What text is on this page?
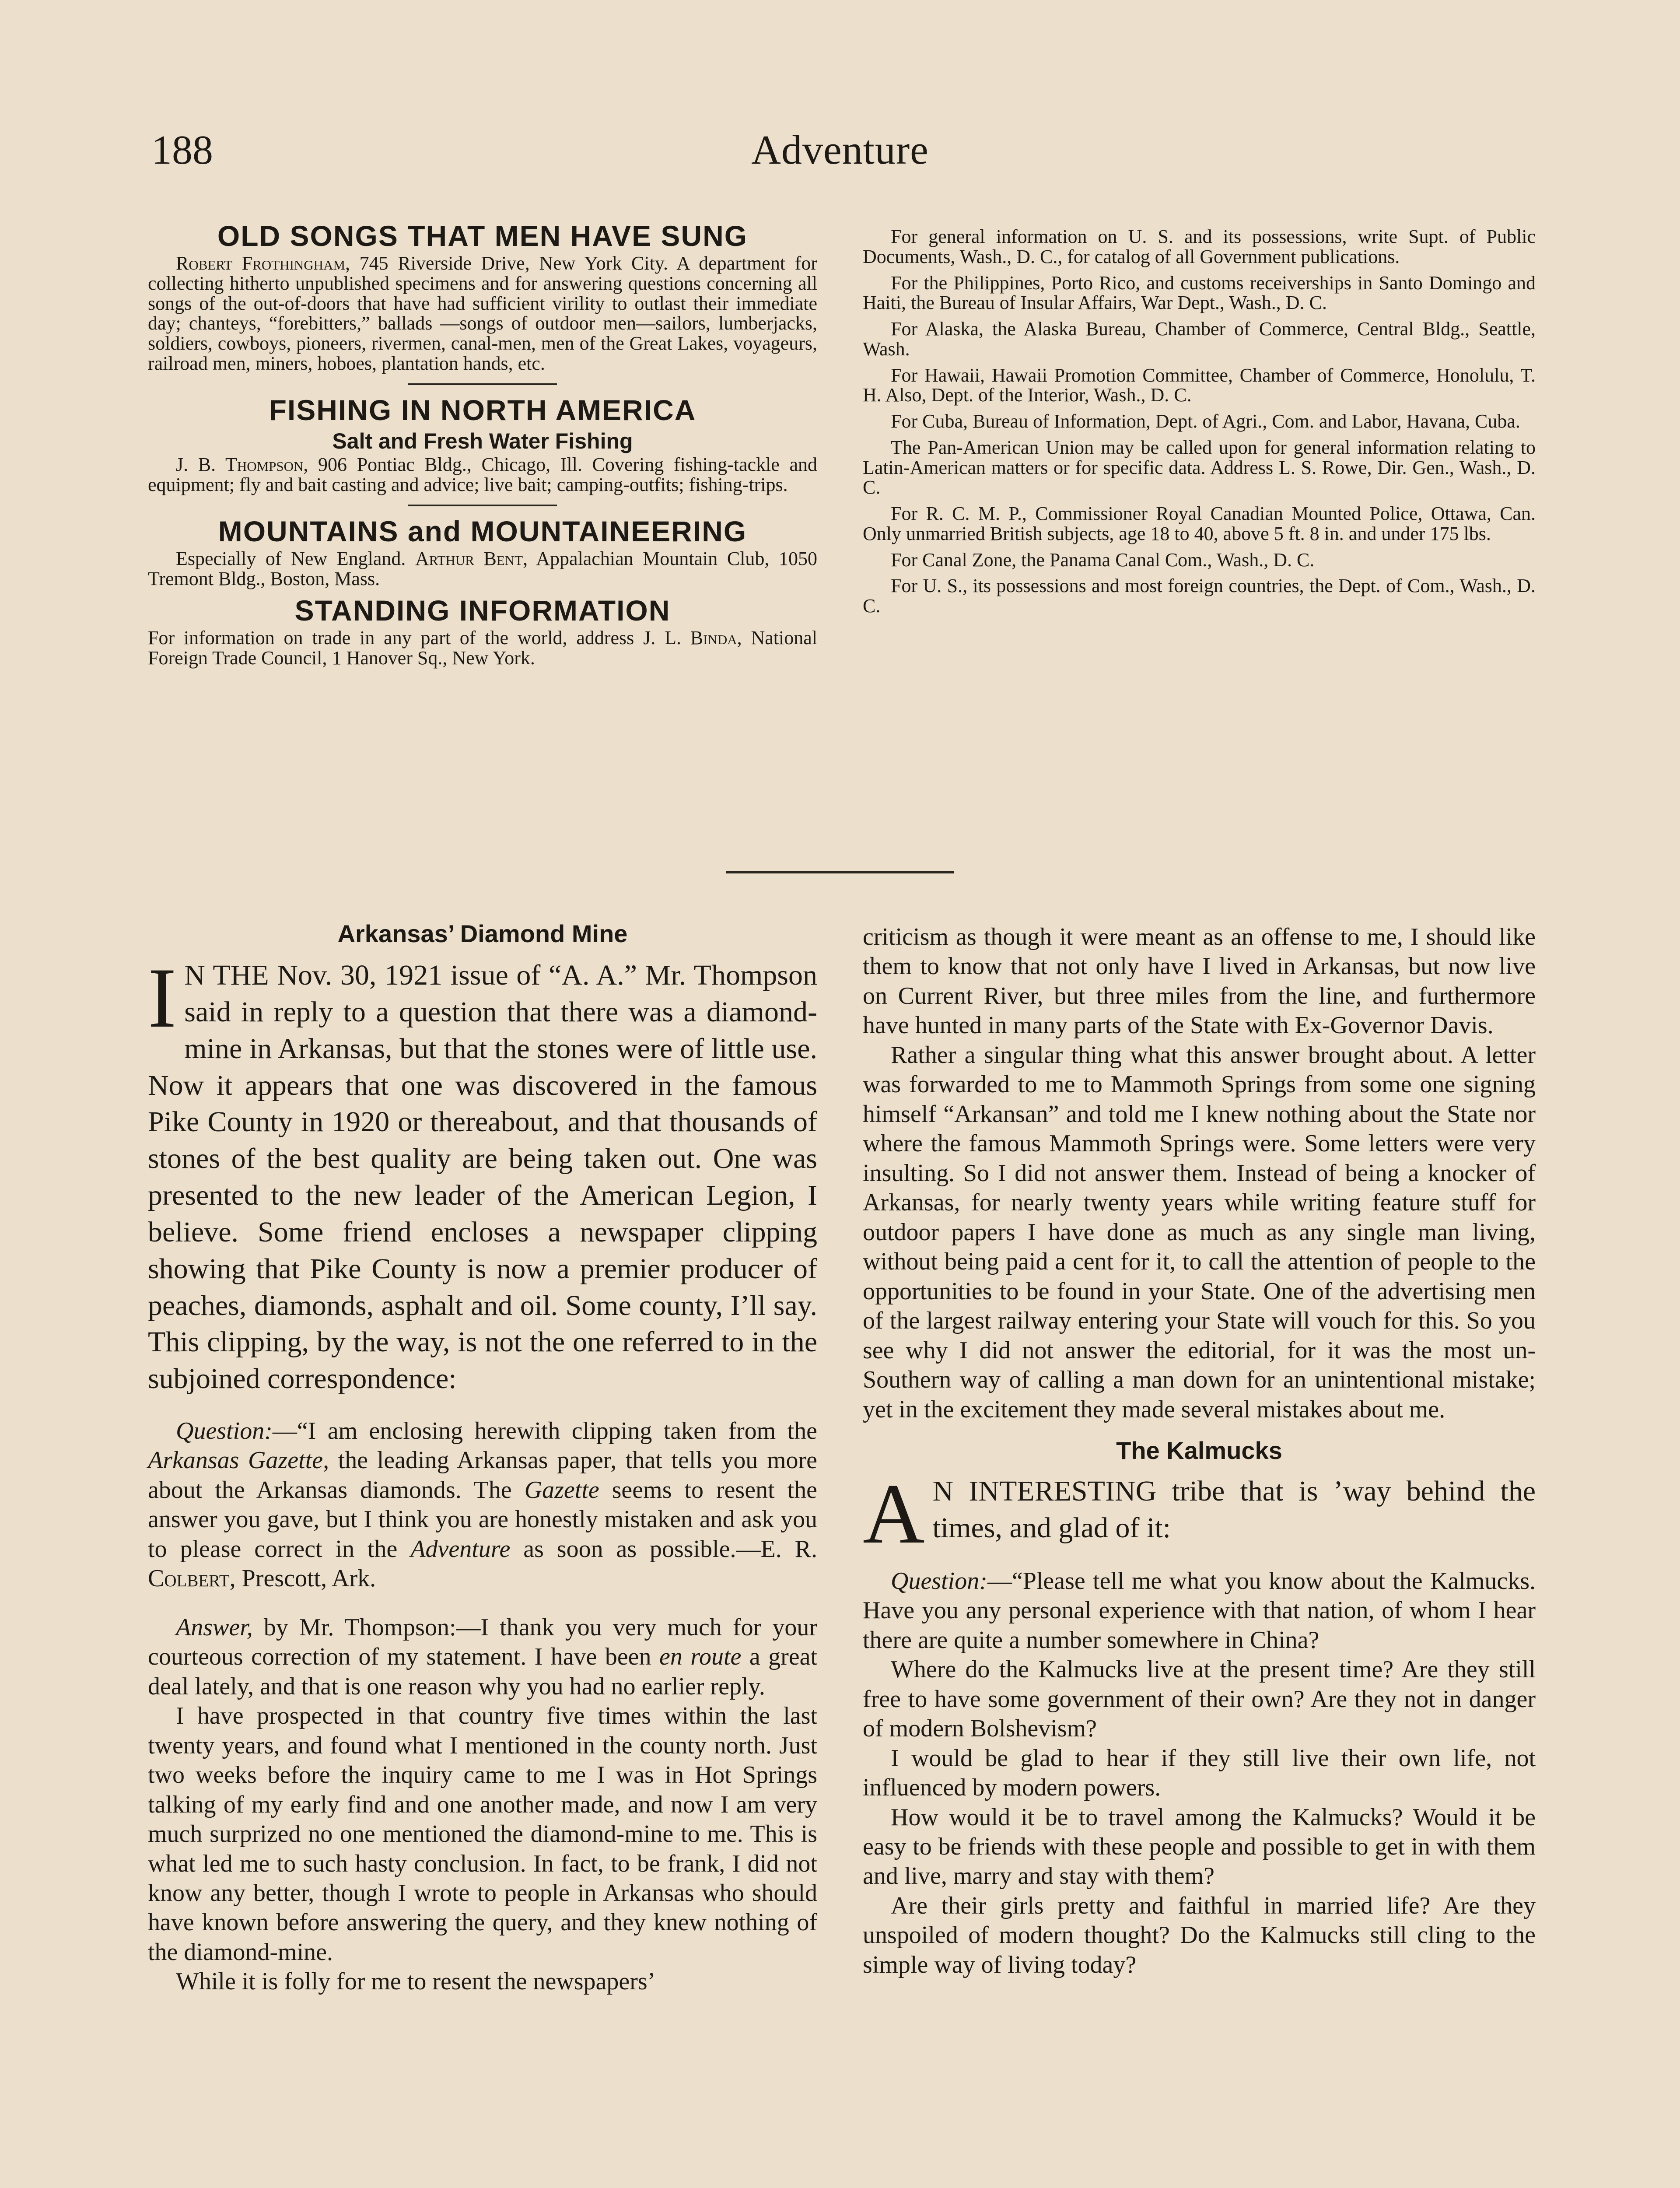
188	Adventure
OLD SONGS THAT MEN HAVE SUNG

Robert Frothingham, 745 Riverside Drive, New York City. A department for collecting hitherto unpublished specimens and for answering questions concerning all songs of the out-of-doors that have had sufficient virility to outlast their immediate day; chanteys, “forebitters,” ballads —songs of outdoor men—sailors, lumberjacks, soldiers, cowboys, pioneers, rivermen, canal-men, men of the Great Lakes, voyageurs, railroad men, miners, hoboes, plantation hands, etc.

FISHING IN NORTH AMERICA
Salt and Fresh Water Fishing

J. B. Thompson, 906 Pontiac Bldg., Chicago, Ill. Covering fishing-tackle and equipment; fly and bait casting and advice; live bait; camping-outfits; fishing-trips.

MOUNTAINS and MOUNTAINEERING

Especially of New England. Arthur Bent, Appalachian Mountain Club, 1050 Tremont Bldg., Boston, Mass.

STANDING INFORMATION

For information on trade in any part of the world, address J. L. Binda, National Foreign Trade Council, 1 Hanover Sq., New York.

For general information on U. S. and its possessions, write Supt. of Public Documents, Wash., D. C., for catalog of all Government publications.

For the Philippines, Porto Rico, and customs receiverships in Santo Domingo and Haiti, the Bureau of Insular Affairs, War Dept., Wash., D. C.

For Alaska, the Alaska Bureau, Chamber of Commerce, Central Bldg., Seattle, Wash.

For Hawaii, Hawaii Promotion Committee, Chamber of Commerce, Honolulu, T. H. Also, Dept. of the Interior, Wash., D. C.

For Cuba, Bureau of Information, Dept. of Agri., Com. and Labor, Havana, Cuba.

The Pan-American Union may be called upon for general information relating to Latin-American matters or for specific data. Address L. S. Rowe, Dir. Gen., Wash., D. C.

For R. C. M. P., Commissioner Royal Canadian Mounted Police, Ottawa, Can. Only unmarried British subjects, age 18 to 40, above 5 ft. 8 in. and under 175 lbs.

For Canal Zone, the Panama Canal Com., Wash., D. C.

For U. S., its possessions and most foreign countries, the Dept. of Com., Wash., D. C.

Arkansas’ Diamond Mine

I N THE Nov. 30, 1921 issue of “A. A.” Mr. Thompson said in reply to a question that there was a diamond-mine in Arkansas, but that the stones were of little use. Now it appears that one was discovered in the famous Pike County in 1920 or thereabout, and that thousands of stones of the best quality are being taken out. One was presented to the new leader of the American Legion, I believe. Some friend encloses a newspaper clipping showing that Pike County is now a premier producer of peaches, diamonds, asphalt and oil. Some county, I’ll say. This clipping, by the way, is not the one referred to in the subjoined correspondence:

Question:—“I am enclosing herewith clipping taken from the Arkansas Gazette, the leading Arkansas paper, that tells you more about the Arkansas diamonds. The Gazette seems to resent the answer you gave, but I think you are honestly mistaken and ask you to please correct in the Adventure as soon as possible.—E. R. Colbert, Prescott, Ark.

Answer, by Mr. Thompson:—I thank you very much for your courteous correction of my statement. I have been en route a great deal lately, and that is one reason why you had no earlier reply.

I have prospected in that country five times within the last twenty years, and found what I mentioned in the county north. Just two weeks before the inquiry came to me I was in Hot Springs talking of my early find and one another made, and now I am very much surprized no one mentioned the diamond-mine to me. This is what led me to such hasty conclusion. In fact, to be frank, I did not know any better, though I wrote to people in Arkansas who should have known before answering the query, and they knew nothing of the diamond-mine.

While it is folly for me to resent the newspapers’

criticism as though it were meant as an offense to me, I should like them to know that not only have I lived in Arkansas, but now live on Current River, but three miles from the line, and furthermore have hunted in many parts of the State with Ex-Governor Davis.

Rather a singular thing what this answer brought about. A letter was forwarded to me to Mammoth Springs from some one signing himself “Arkansan” and told me I knew nothing about the State nor where the famous Mammoth Springs were. Some letters were very insulting. So I did not answer them. Instead of being a knocker of Arkansas, for nearly twenty years while writing feature stuff for outdoor papers I have done as much as any single man living, without being paid a cent for it, to call the attention of people to the opportunities to be found in your State. One of the advertising men of the largest railway entering your State will vouch for this. So you see why I did not answer the editorial, for it was the most un-Southern way of calling a man down for an unintentional mistake; yet in the excitement they made several mistakes about me.

The Kalmucks

A N INTERESTING tribe that is ’way behind the times, and glad of it:

Question:—“Please tell me what you know about the Kalmucks. Have you any personal experience with that nation, of whom I hear there are quite a number somewhere in China?

Where do the Kalmucks live at the present time? Are they still free to have some government of their own? Are they not in danger of modern Bolshevism?

I would be glad to hear if they still live their own life, not influenced by modern powers.

How would it be to travel among the Kalmucks? Would it be easy to be friends with these people and possible to get in with them and live, marry and stay with them?

Are their girls pretty and faithful in married life? Are they unspoiled of modern thought? Do the Kalmucks still cling to the simple way of living today?
